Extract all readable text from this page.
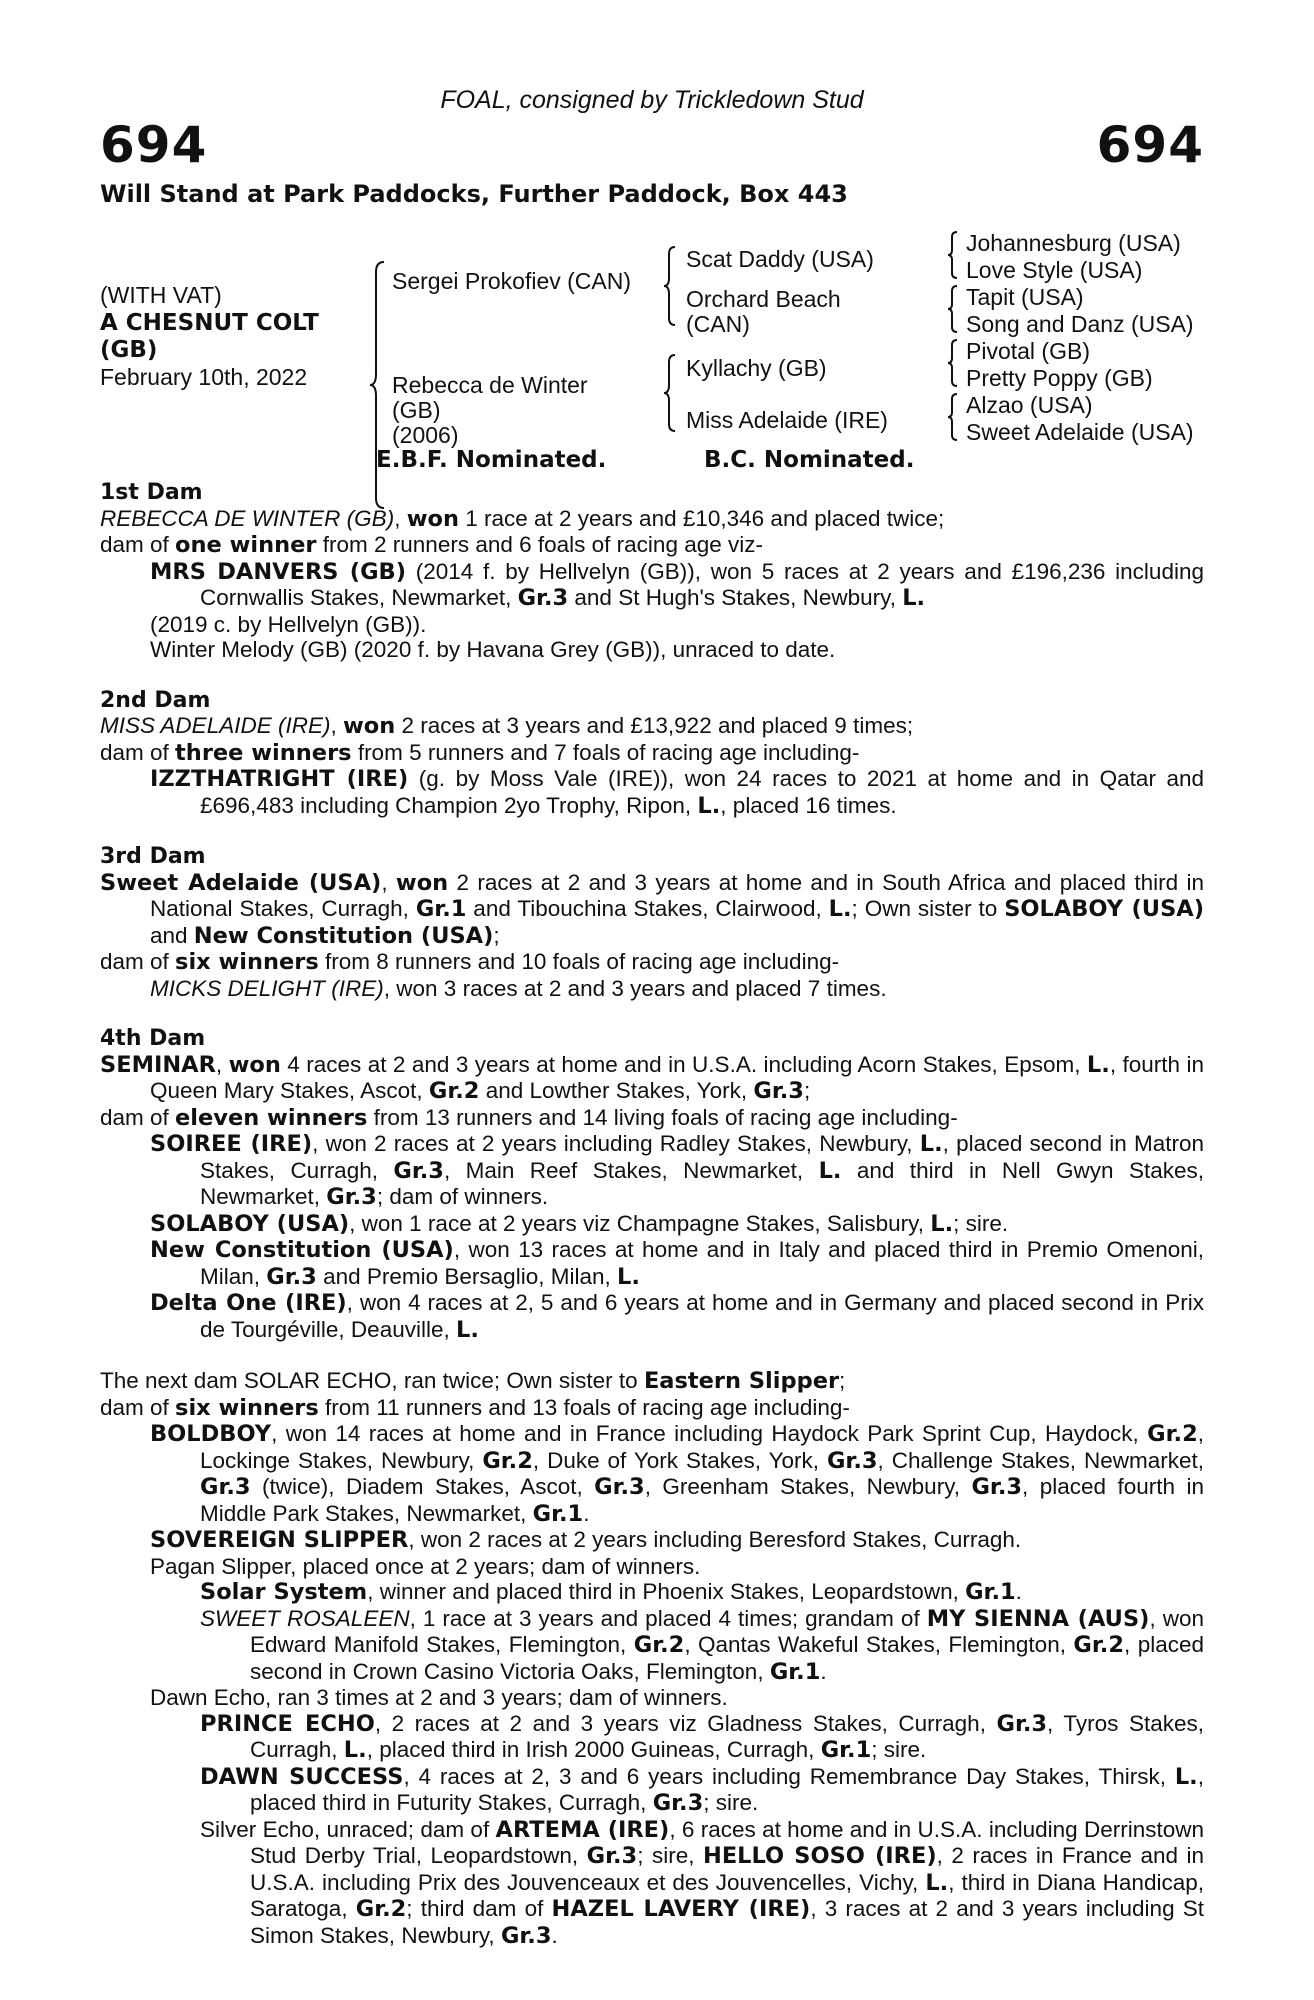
FOAL, consigned by Trickledown Stud
694	694
Will Stand at Park Paddocks, Further Paddock, Box 443
(WITH VAT)
A CHESNUT COLT
(GB)
February 10th, 2022
Sergei Prokofiev (CAN)
Rebecca de Winter
(GB)
(2006)
Scat Daddy (USA)
Orchard Beach
(CAN)
Kyllachy (GB)
Miss Adelaide (IRE)
Johannesburg (USA)
Love Style (USA)
Tapit (USA)
Song and Danz (USA)
Pivotal (GB)
Pretty Poppy (GB)
Alzao (USA)
Sweet Adelaide (USA)
E.B.F. Nominated.	B.C. Nominated.
1st Dam

REBECCA DE WINTER (GB), won 1 race at 2 years and £10,346 and placed twice;

dam of one winner from 2 runners and 6 foals of racing age viz-

MRS DANVERS (GB) (2014 f. by Hellvelyn (GB)), won 5 races at 2 years and £196,236 including Cornwallis Stakes, Newmarket, Gr.3 and St Hugh's Stakes, Newbury, L.

(2019 c. by Hellvelyn (GB)).

Winter Melody (GB) (2020 f. by Havana Grey (GB)), unraced to date.

2nd Dam

MISS ADELAIDE (IRE), won 2 races at 3 years and £13,922 and placed 9 times;

dam of three winners from 5 runners and 7 foals of racing age including-

IZZTHATRIGHT (IRE) (g. by Moss Vale (IRE)), won 24 races to 2021 at home and in Qatar and £696,483 including Champion 2yo Trophy, Ripon, L., placed 16 times.

3rd Dam

Sweet Adelaide (USA), won 2 races at 2 and 3 years at home and in South Africa and placed third in National Stakes, Curragh, Gr.1 and Tibouchina Stakes, Clairwood, L.; Own sister to SOLABOY (USA) and New Constitution (USA);

dam of six winners from 8 runners and 10 foals of racing age including-

MICKS DELIGHT (IRE), won 3 races at 2 and 3 years and placed 7 times.

4th Dam

SEMINAR, won 4 races at 2 and 3 years at home and in U.S.A. including Acorn Stakes, Epsom, L., fourth in Queen Mary Stakes, Ascot, Gr.2 and Lowther Stakes, York, Gr.3;

dam of eleven winners from 13 runners and 14 living foals of racing age including-

SOIREE (IRE), won 2 races at 2 years including Radley Stakes, Newbury, L., placed second in Matron Stakes, Curragh, Gr.3, Main Reef Stakes, Newmarket, L. and third in Nell Gwyn Stakes, Newmarket, Gr.3; dam of winners.

SOLABOY (USA), won 1 race at 2 years viz Champagne Stakes, Salisbury, L.; sire.

New Constitution (USA), won 13 races at home and in Italy and placed third in Premio Omenoni, Milan, Gr.3 and Premio Bersaglio, Milan, L.

Delta One (IRE), won 4 races at 2, 5 and 6 years at home and in Germany and placed second in Prix de Tourgéville, Deauville, L.

The next dam SOLAR ECHO, ran twice; Own sister to Eastern Slipper;

dam of six winners from 11 runners and 13 foals of racing age including-

BOLDBOY, won 14 races at home and in France including Haydock Park Sprint Cup, Haydock, Gr.2, Lockinge Stakes, Newbury, Gr.2, Duke of York Stakes, York, Gr.3, Challenge Stakes, Newmarket, Gr.3 (twice), Diadem Stakes, Ascot, Gr.3, Greenham Stakes, Newbury, Gr.3, placed fourth in Middle Park Stakes, Newmarket, Gr.1.

SOVEREIGN SLIPPER, won 2 races at 2 years including Beresford Stakes, Curragh.

Pagan Slipper, placed once at 2 years; dam of winners.

Solar System, winner and placed third in Phoenix Stakes, Leopardstown, Gr.1.

SWEET ROSALEEN, 1 race at 3 years and placed 4 times; grandam of MY SIENNA (AUS), won Edward Manifold Stakes, Flemington, Gr.2, Qantas Wakeful Stakes, Flemington, Gr.2, placed second in Crown Casino Victoria Oaks, Flemington, Gr.1.

Dawn Echo, ran 3 times at 2 and 3 years; dam of winners.

PRINCE ECHO, 2 races at 2 and 3 years viz Gladness Stakes, Curragh, Gr.3, Tyros Stakes, Curragh, L., placed third in Irish 2000 Guineas, Curragh, Gr.1; sire.

DAWN SUCCESS, 4 races at 2, 3 and 6 years including Remembrance Day Stakes, Thirsk, L., placed third in Futurity Stakes, Curragh, Gr.3; sire.

Silver Echo, unraced; dam of ARTEMA (IRE), 6 races at home and in U.S.A. including Derrinstown Stud Derby Trial, Leopardstown, Gr.3; sire, HELLO SOSO (IRE), 2 races in France and in U.S.A. including Prix des Jouvenceaux et des Jouvencelles, Vichy, L., third in Diana Handicap, Saratoga, Gr.2; third dam of HAZEL LAVERY (IRE), 3 races at 2 and 3 years including St Simon Stakes, Newbury, Gr.3.
